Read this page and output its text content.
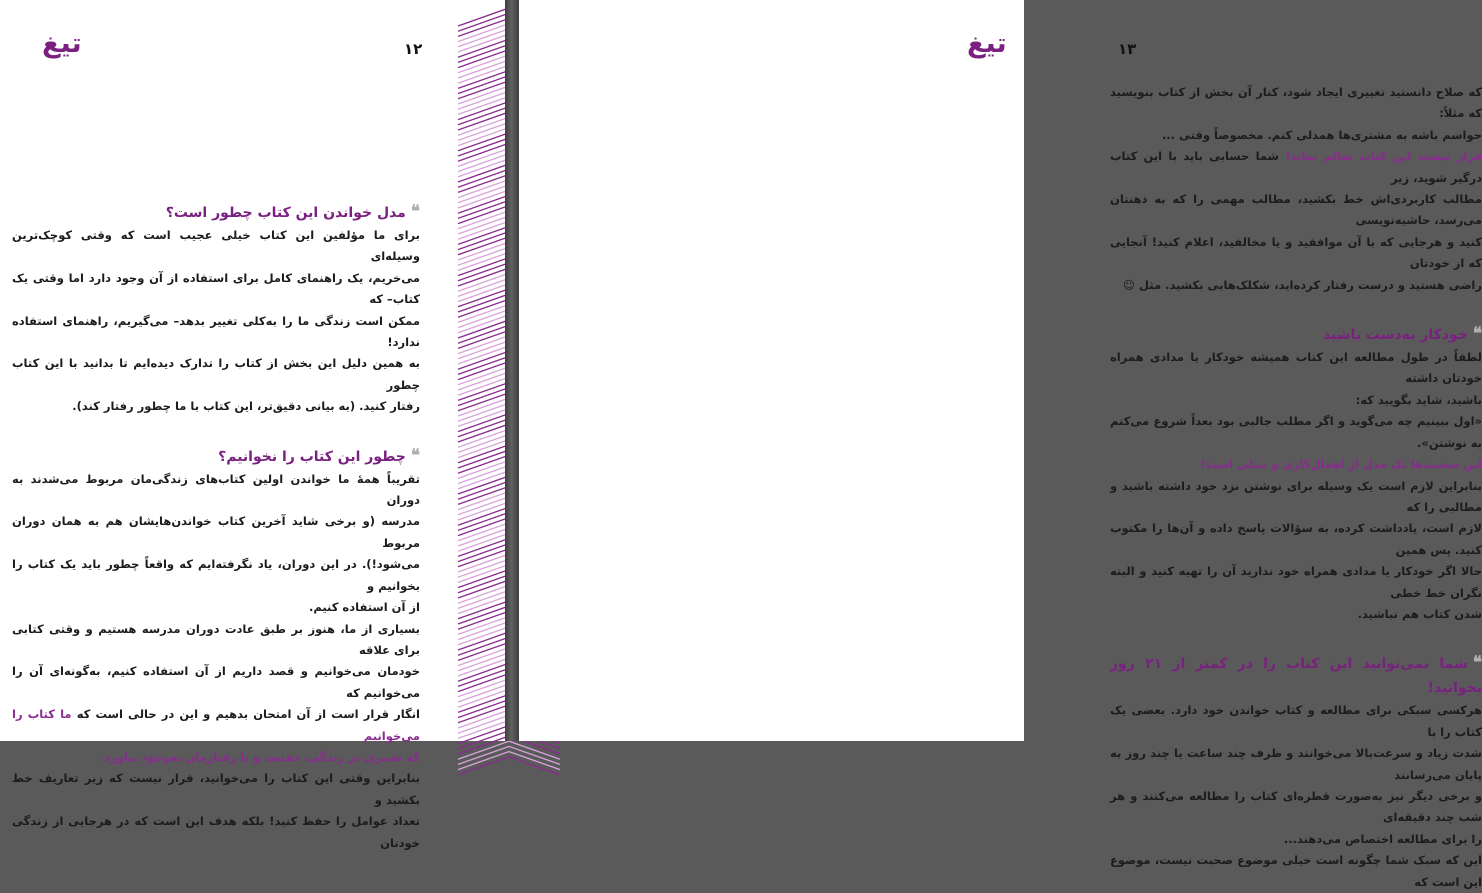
تیغ	۱۲

❝مدل خواندن این کتاب چطور است؟

برای ما مؤلفین این کتاب خیلی عجیب است که وقتی کوچک‌ترین وسیله‌ای

می‌خریم، یک راهنمای کامل برای استفاده از آن وجود دارد اما وقتی یک کتاب– که

ممکن است زندگی ما را به‌کلی تغییر بدهد– می‌گیریم، راهنمای استفاده ندارد!

به همین دلیل این بخش از کتاب را تدارک دیده‌ایم تا بدانید با این کتاب چطور

رفتار کنید. (به بیانی دقیق‌تر، این کتاب با ما چطور رفتار کند).

❝چطور این کتاب را نخوانیم؟

تقریباً همهٔ ما خواندن اولین کتاب‌های زندگی‌مان مربوط می‌شدند به دوران

مدرسه (و برخی شاید آخرین کتاب خواندن‌هایشان هم به همان دوران مربوط

می‌شود!). در این دوران، یاد نگرفته‌ایم که واقعاً چطور باید یک کتاب را بخوانیم و

از آن استفاده کنیم.

بسیاری از ما، هنوز بر طبق عادت دوران مدرسه هستیم و وقتی کتابی برای علاقه

خودمان می‌خوانیم و قصد داریم از آن استفاده کنیم، به‌گونه‌ای آن را می‌خوانیم که

انگار قرار است از آن امتحان بدهیم و این در حالی است که ما کتاب را می‌خوانیم

که تغییری در زندگی، ذهنیت و یا رفتارمان به‌وجود بیاورد.

بنابراین وقتی این کتاب را می‌خوانید، قرار نیست که زیر تعاریف خط بکشید و

تعداد عوامل را حفظ کنید! بلکه هدف این است که در هرجایی از زندگی خودتان

تیغ	۱۳

که صلاح دانستید تغییری ایجاد شود، کنار آن بخش از کتاب بنویسید که مثلاً:

حواسم باشه به مشتری‌ها همدلی کنم. مخصوصاً وقتی ...

قرار نیست این کتاب سالم بماند! شما حسابی باید با این کتاب درگیر شوید، زیر

مطالب کاربردی‌اش خط بکشید، مطالب مهمی را که به ذهنتان می‌رسد، حاشیه‌نویسی

کنید و هرجایی که با آن موافقید و یا مخالفید، اعلام کنید! آنجایی که از خودتان

راضی هستید و درست رفتار کرده‌اید، شکلک‌هایی بکشید. مثل ☺

❝خودکار به‌دست باشید

لطفاً در طول مطالعه این کتاب همیشه خودکار یا مدادی همراه خودتان داشته

باشید، شاید بگویید که:

«اول ببینیم چه می‌گوید و اگر مطلب جالبی بود بعداً شروع می‌کنم به نوشتن».

این صحبت‌ها یک مدل از اهمال‌کاری و تنبلی است!

بنابراین لازم است یک وسیله برای نوشتن نزد خود داشته باشید و مطالبی را که

لازم است، یادداشت کرده، به سؤالات پاسخ داده و آن‌ها را مکتوب کنید. پس همین

حالا اگر خودکار یا مدادی همراه خود ندارید آن را تهیه کنید و البته نگران خط خطی

شدن کتاب هم نباشید.

❝شما نمی‌توانید این کتاب را در کمتر از ۲۱ روز بخوانید!

هرکسی سبکی برای مطالعه و کتاب خواندن خود دارد. بعضی یک کتاب را با

شدت زیاد و سرعت‌بالا می‌خوانند و ظرف چند ساعت یا چند روز به پایان می‌رسانند

و برخی دیگر نیز به‌صورت قطره‌ای کتاب را مطالعه می‌کنند و هر شب چند دقیقه‌ای

را برای مطالعه اختصاص می‌دهند...

این که سبک شما چگونه است خیلی موضوع صحبت نیست، موضوع این است که
